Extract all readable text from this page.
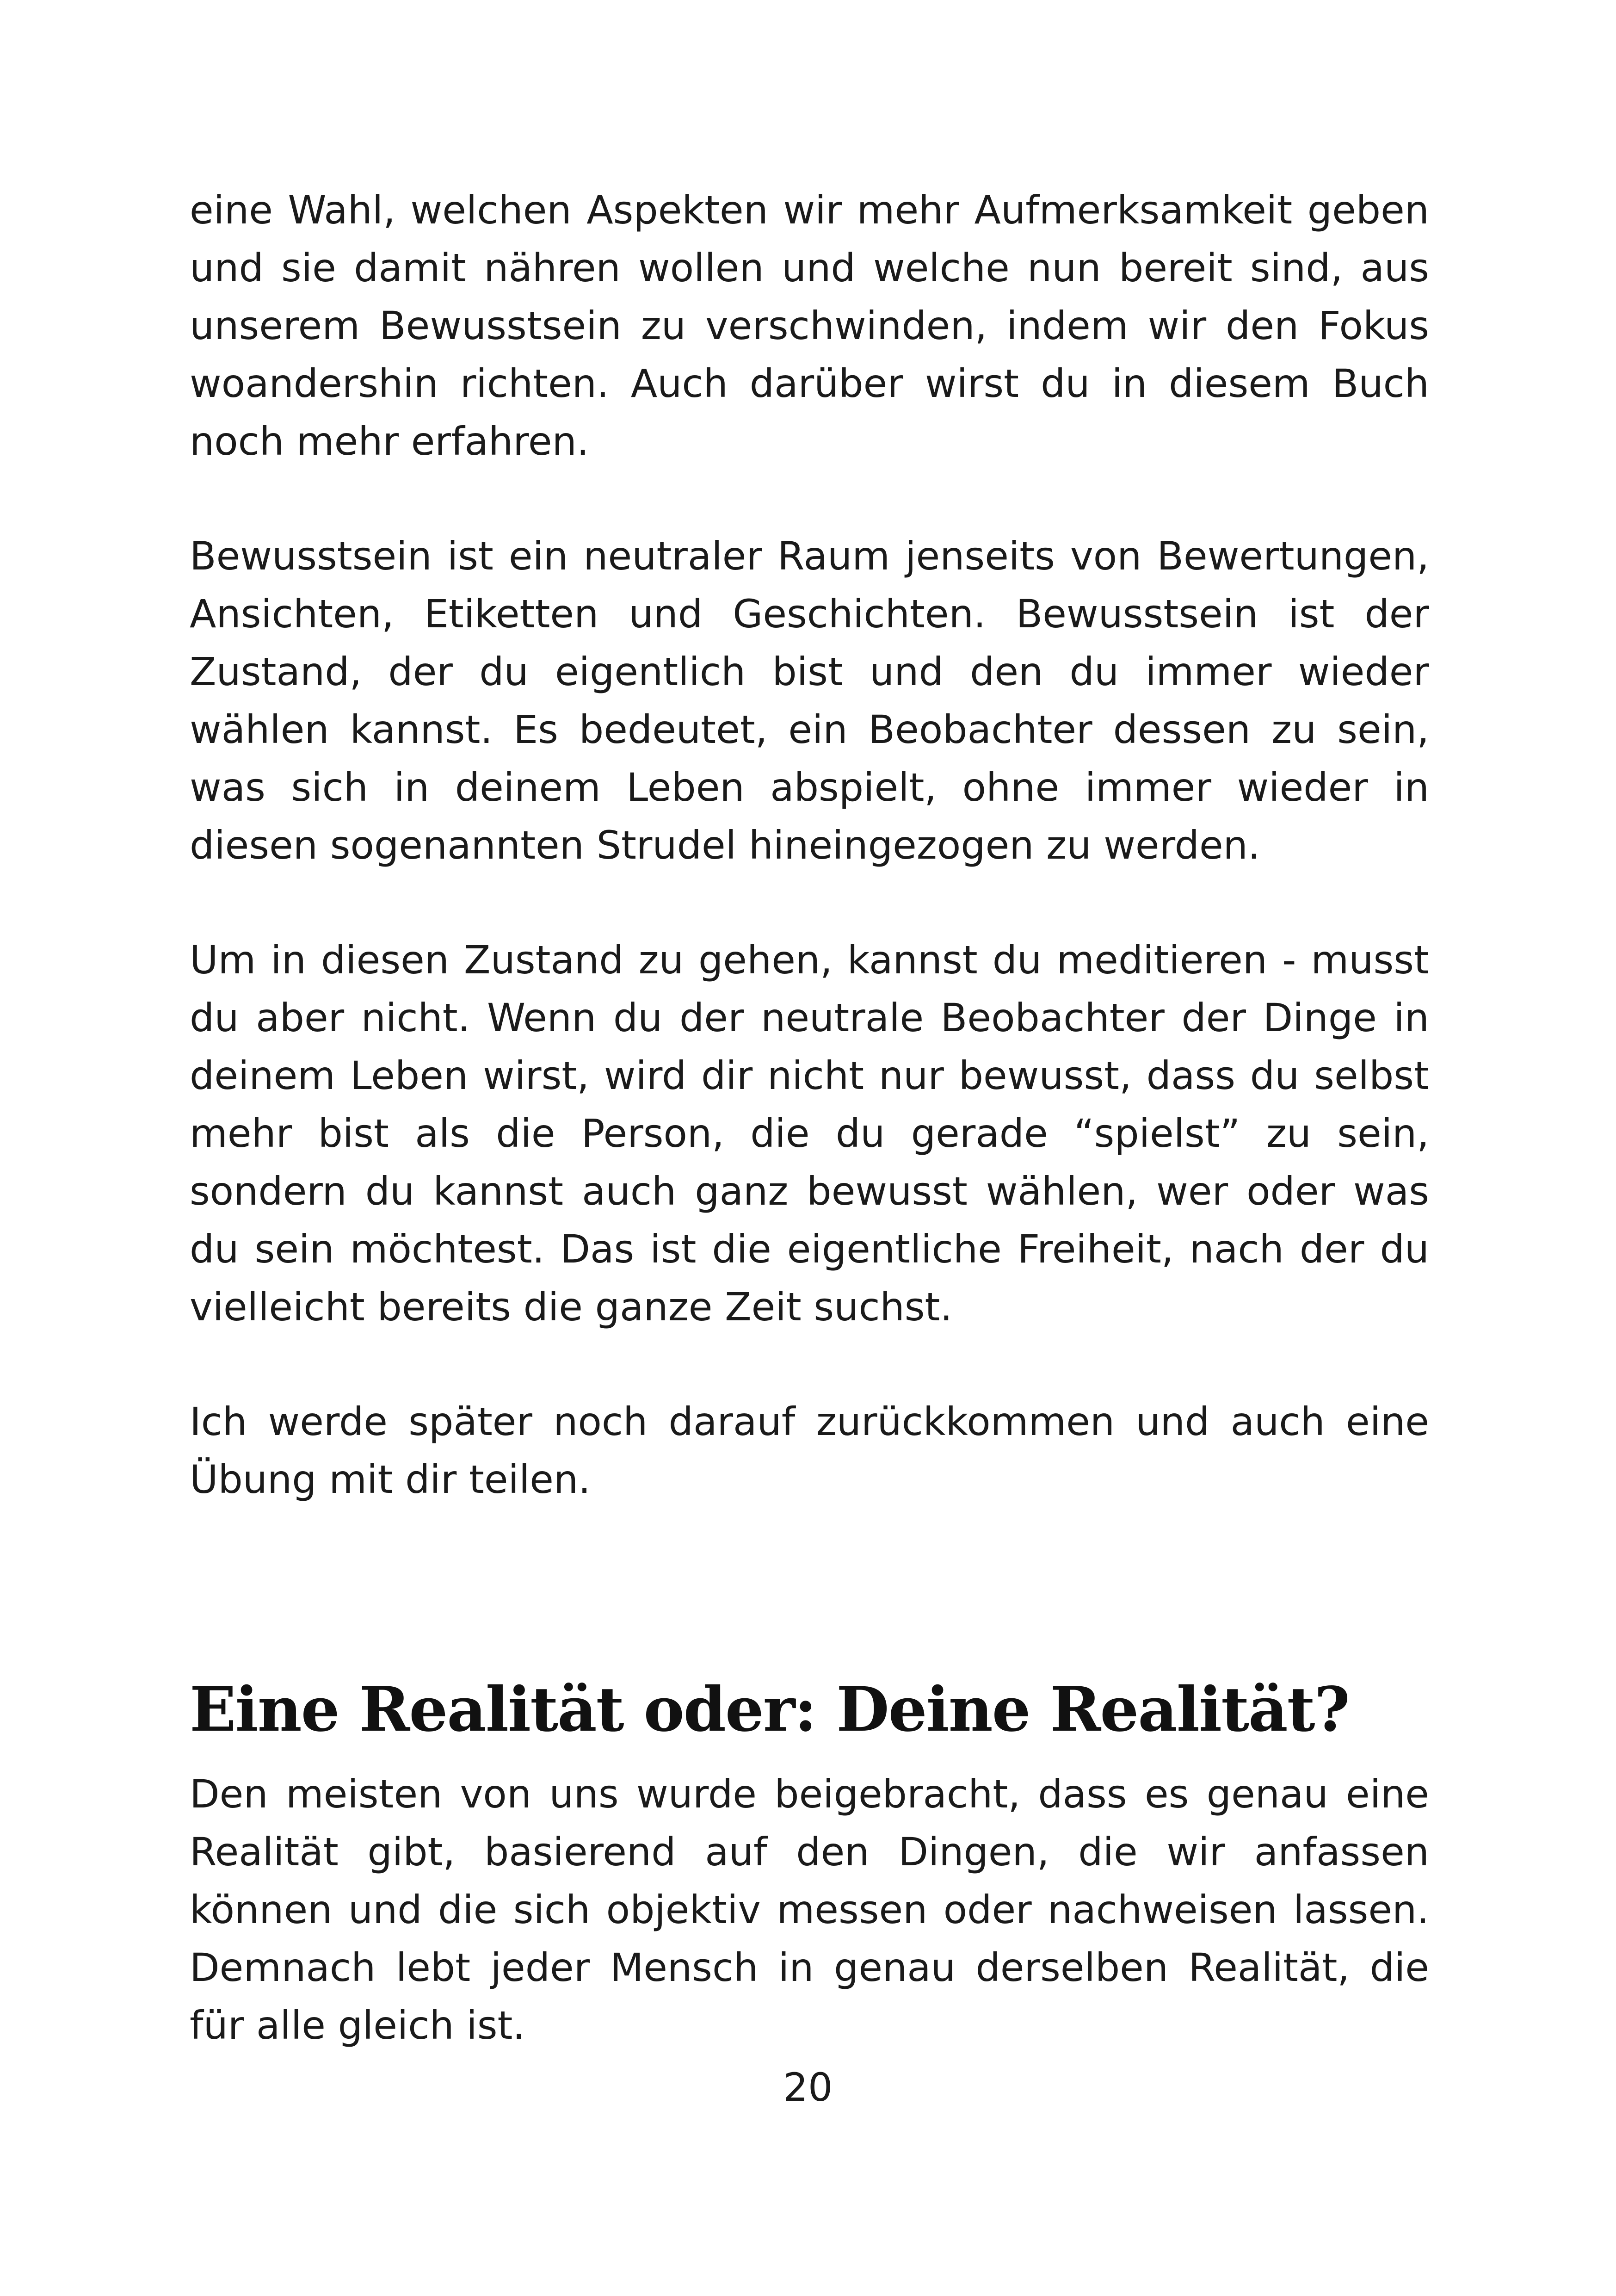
eine Wahl, welchen Aspekten wir mehr Aufmerksamkeit geben und sie damit nähren wollen und welche nun bereit sind, aus unserem Bewusstsein zu verschwinden, indem wir den Fokus woandershin richten. Auch darüber wirst du in diesem Buch noch mehr erfahren.

Bewusstsein ist ein neutraler Raum jenseits von Bewertungen, Ansichten, Etiketten und Geschichten. Bewusstsein ist der Zustand, der du eigentlich bist und den du immer wieder wählen kannst. Es bedeutet, ein Beobachter dessen zu sein, was sich in deinem Leben abspielt, ohne immer wieder in diesen sogenannten Strudel hineingezogen zu werden.

Um in diesen Zustand zu gehen, kannst du meditieren - musst du aber nicht. Wenn du der neutrale Beobachter der Dinge in deinem Leben wirst, wird dir nicht nur bewusst, dass du selbst mehr bist als die Person, die du gerade “spielst” zu sein, sondern du kannst auch ganz bewusst wählen, wer oder was du sein möchtest. Das ist die eigentliche Freiheit, nach der du vielleicht bereits die ganze Zeit suchst.

Ich werde später noch darauf zurückkommen und auch eine Übung mit dir teilen.

Eine Realität oder: Deine Realität?

Den meisten von uns wurde beigebracht, dass es genau eine Realität gibt, basierend auf den Dingen, die wir anfassen können und die sich objektiv messen oder nachweisen lassen. Demnach lebt jeder Mensch in genau derselben Realität, die für alle gleich ist.

20
